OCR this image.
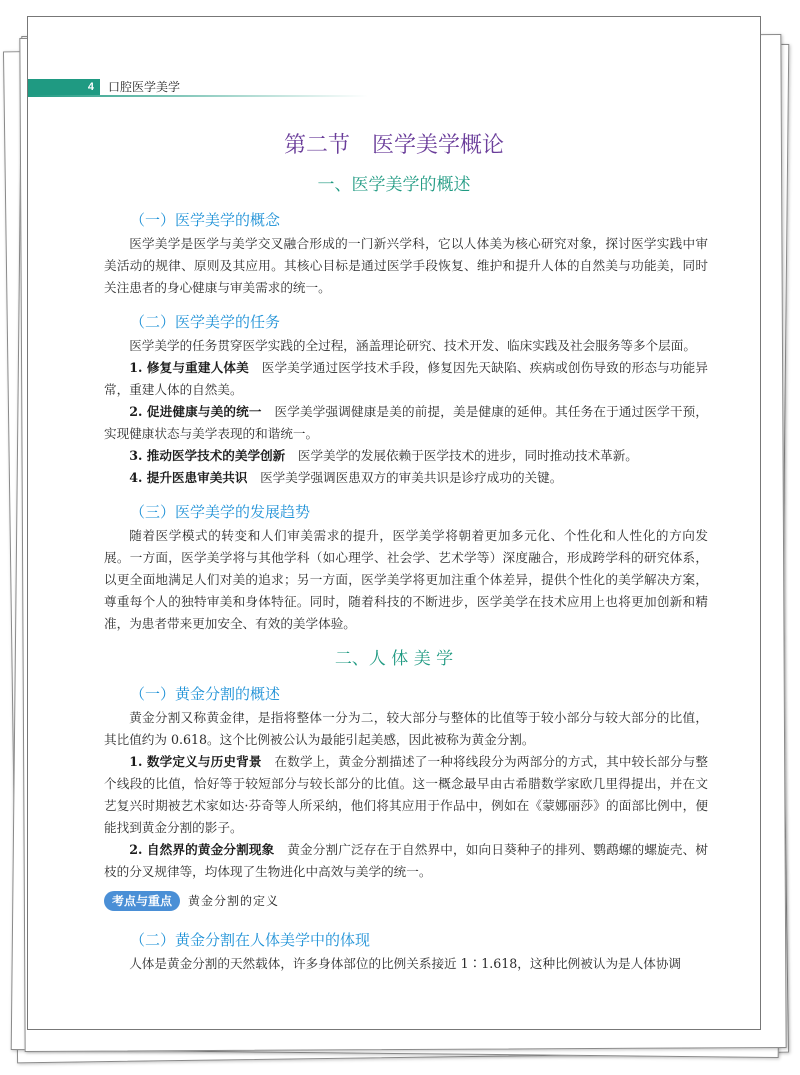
4	口腔医学美学
第二节　医学美学概论
一、医学美学的概述
（一）医学美学的概念

医学美学是医学与美学交叉融合形成的一门新兴学科，它以人体美为核心研究对象，探讨医学实践中审美活动的规律、原则及其应用。其核心目标是通过医学手段恢复、维护和提升人体的自然美与功能美，同时关注患者的身心健康与审美需求的统一。

（二）医学美学的任务

医学美学的任务贯穿医学实践的全过程，涵盖理论研究、技术开发、临床实践及社会服务等多个层面。

1. 修复与重建人体美　 医学美学通过医学技术手段，修复因先天缺陷、疾病或创伤导致的形态与功能异常，重建人体的自然美。

2. 促进健康与美的统一　 医学美学强调健康是美的前提，美是健康的延伸。其任务在于通过医学干预，实现健康状态与美学表现的和谐统一。

3. 推动医学技术的美学创新　 医学美学的发展依赖于医学技术的进步，同时推动技术革新。

4. 提升医患审美共识　 医学美学强调医患双方的审美共识是诊疗成功的关键。

（三）医学美学的发展趋势

随着医学模式的转变和人们审美需求的提升，医学美学将朝着更加多元化、个性化和人性化的方向发展。一方面，医学美学将与其他学科（如心理学、社会学、艺术学等）深度融合，形成跨学科的研究体系，以更全面地满足人们对美的追求；另一方面，医学美学将更加注重个体差异，提供个性化的美学解决方案，尊重每个人的独特审美和身体特征。同时，随着科技的不断进步，医学美学在技术应用上也将更加创新和精准，为患者带来更加安全、有效的美学体验。

二、人 体 美 学
（一）黄金分割的概述

黄金分割又称黄金律，是指将整体一分为二，较大部分与整体的比值等于较小部分与较大部分的比值，其比值约为 0.618。这个比例被公认为最能引起美感，因此被称为黄金分割。

1. 数学定义与历史背景　 在数学上，黄金分割描述了一种将线段分为两部分的方式，其中较长部分与整个线段的比值，恰好等于较短部分与较长部分的比值。这一概念最早由古希腊数学家欧几里得提出，并在文艺复兴时期被艺术家如达·芬奇等人所采纳，他们将其应用于作品中，例如在《蒙娜丽莎》的面部比例中，便能找到黄金分割的影子。

2. 自然界的黄金分割现象　 黄金分割广泛存在于自然界中，如向日葵种子的排列、鹦鹉螺的螺旋壳、树枝的分叉规律等，均体现了生物进化中高效与美学的统一。

考点与重点	黄金分割的定义
（二）黄金分割在人体美学中的体现

人体是黄金分割的天然载体，许多身体部位的比例关系接近 1∶1.618，这种比例被认为是人体协调
